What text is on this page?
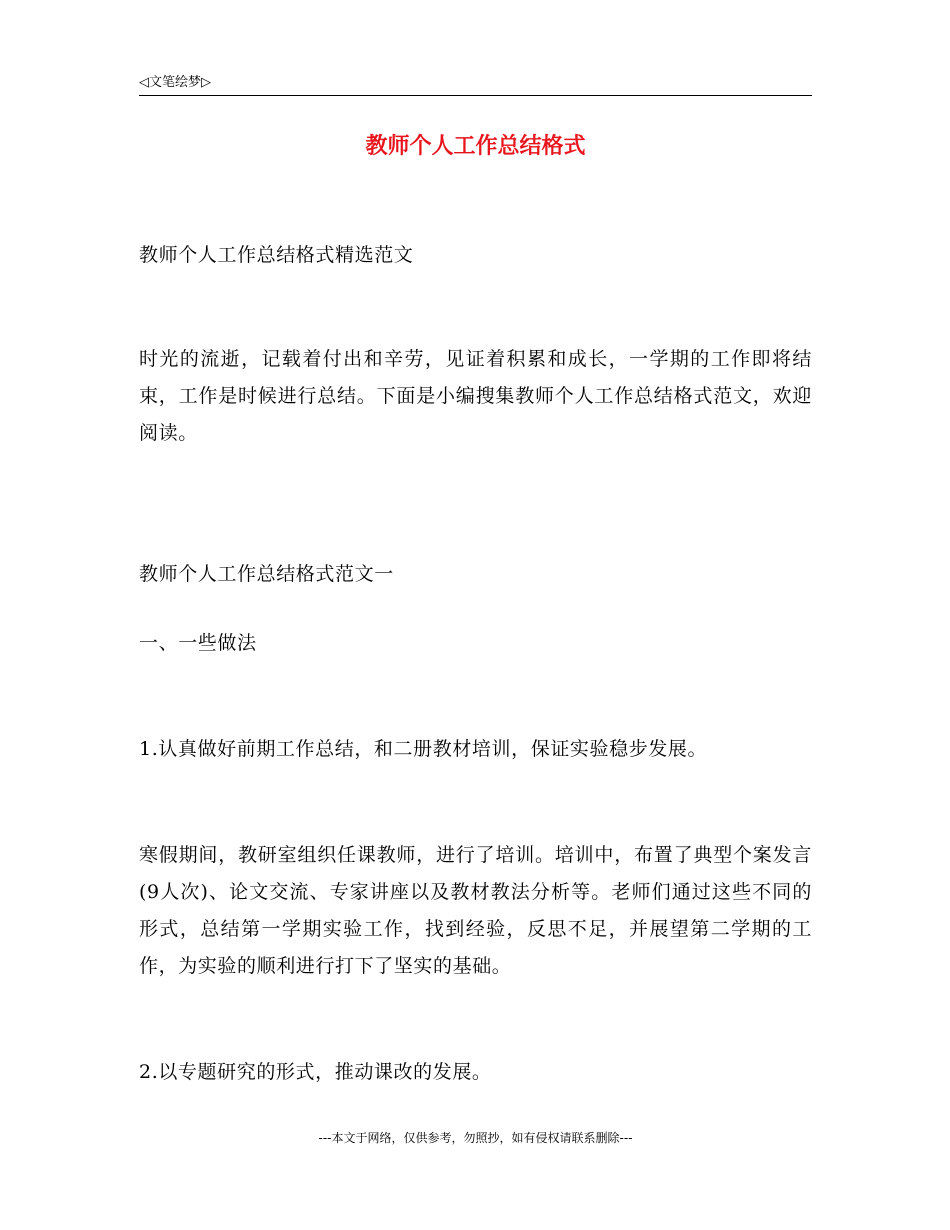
◁文笔绘梦▷
教师个人工作总结格式

教师个人工作总结格式精选范文

时光的流逝，记载着付出和辛劳，见证着积累和成长，一学期的工作即将结束，工作是时候进行总结。下面是小编搜集教师个人工作总结格式范文，欢迎阅读。

教师个人工作总结格式范文一

一、一些做法

1.认真做好前期工作总结，和二册教材培训，保证实验稳步发展。

寒假期间，教研室组织任课教师，进行了培训。培训中，布置了典型个案发言(9人次)、论文交流、专家讲座以及教材教法分析等。老师们通过这些不同的形式，总结第一学期实验工作，找到经验，反思不足，并展望第二学期的工作，为实验的顺利进行打下了坚实的基础。

2.以专题研究的形式，推动课改的发展。

---本文于网络，仅供参考，勿照抄，如有侵权请联系删除---
